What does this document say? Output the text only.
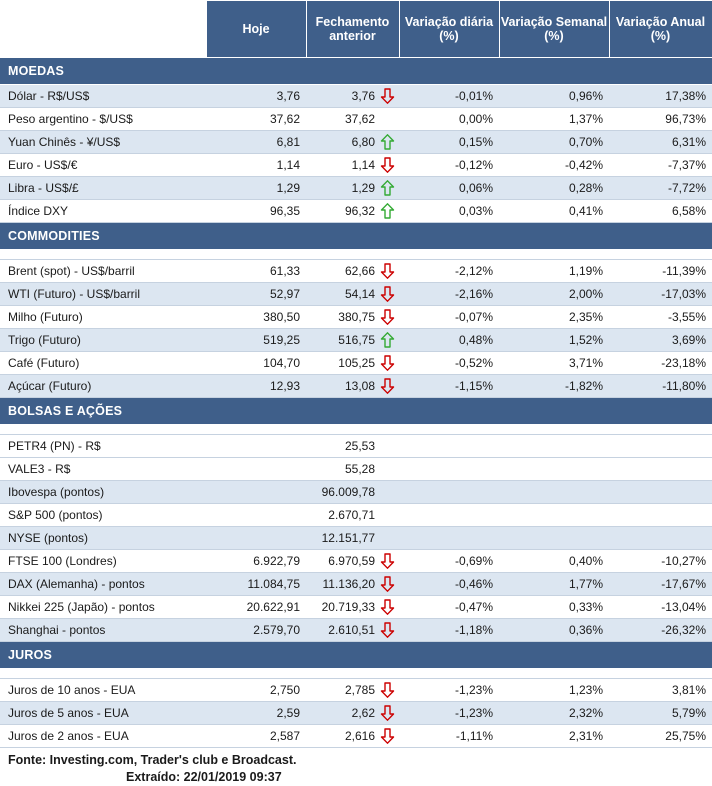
	Hoje	Fechamento anterior	Variação diária (%)	Variação Semanal (%)	Variação Anual (%)
MOEDAS					
Dólar - R$/US$	3,76	3,76	-0,01%	0,96%	17,38%
Peso argentino - $/US$	37,62	37,62	0,00%	1,37%	96,73%
Yuan Chinês - ¥/US$	6,81	6,80	0,15%	0,70%	6,31%
Euro - US$/€	1,14	1,14	-0,12%	-0,42%	-7,37%
Libra - US$/£	1,29	1,29	0,06%	0,28%	-7,72%
Índice DXY	96,35	96,32	0,03%	0,41%	6,58%
COMMODITIES					

Brent (spot) - US$/barril	61,33	62,66	-2,12%	1,19%	-11,39%
WTI (Futuro) - US$/barril	52,97	54,14	-2,16%	2,00%	-17,03%
Milho (Futuro)	380,50	380,75	-0,07%	2,35%	-3,55%
Trigo (Futuro)	519,25	516,75	0,48%	1,52%	3,69%
Café (Futuro)	104,70	105,25	-0,52%	3,71%	-23,18%
Açúcar (Futuro)	12,93	13,08	-1,15%	-1,82%	-11,80%
BOLSAS E AÇÕES					

PETR4 (PN) - R$		25,53			
VALE3 - R$		55,28			
Ibovespa (pontos)		96.009,78			
S&P 500 (pontos)		2.670,71			
NYSE (pontos)		12.151,77			
FTSE 100 (Londres)	6.922,79	6.970,59	-0,69%	0,40%	-10,27%
DAX (Alemanha) - pontos	11.084,75	11.136,20	-0,46%	1,77%	-17,67%
Nikkei 225 (Japão) - pontos	20.622,91	20.719,33	-0,47%	0,33%	-13,04%
Shanghai - pontos	2.579,70	2.610,51	-1,18%	0,36%	-26,32%
JUROS					

Juros de 10 anos - EUA	2,750	2,785	-1,23%	1,23%	3,81%
Juros de 5 anos - EUA	2,59	2,62	-1,23%	2,32%	5,79%
Juros de 2 anos - EUA	2,587	2,616	-1,11%	2,31%	25,75%
Fonte: Investing.com, Trader's club e Broadcast.
Extraído: 22/01/2019 09:37
